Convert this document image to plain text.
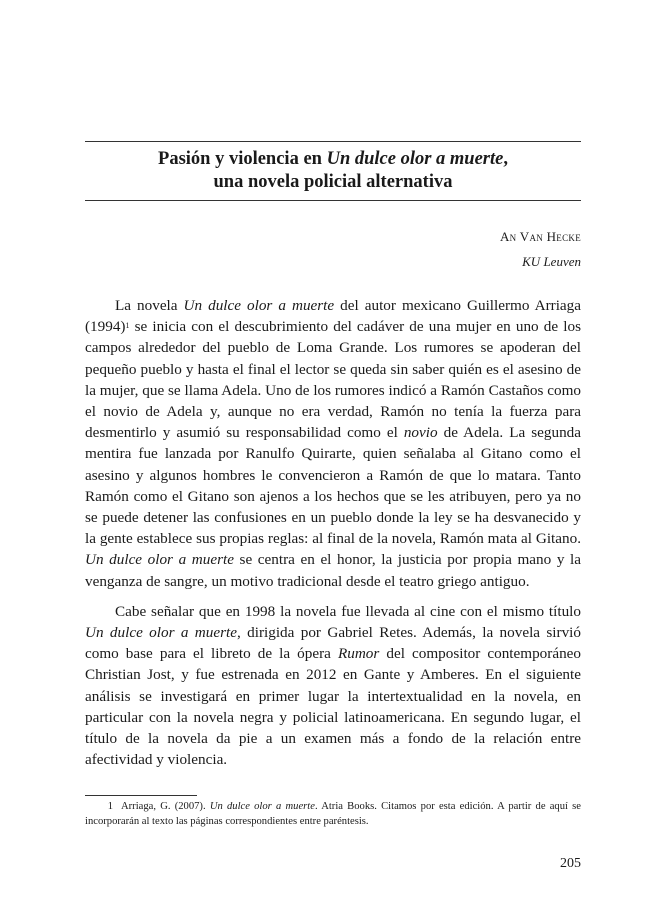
Pasión y violencia en Un dulce olor a muerte,
una novela policial alternativa
An Van Hecke
KU Leuven

La novela Un dulce olor a muerte del autor mexicano Guillermo Arriaga (1994)$^1$ se inicia con el descubrimiento del cadáver de una mujer en uno de los campos alrededor del pueblo de Loma Grande. Los rumores se apoderan del pequeño pueblo y hasta el final el lector se queda sin saber quién es el asesino de la mujer, que se llama Adela. Uno de los rumores indicó a Ramón Castaños como el novio de Adela y, aunque no era verdad, Ramón no tenía la fuerza para desmentirlo y asumió su responsabilidad como el novio de Adela. La segunda mentira fue lanzada por Ranulfo Quirarte, quien señalaba al Gitano como el asesino y algunos hombres le convencieron a Ramón de que lo matara. Tanto Ramón como el Gitano son ajenos a los hechos que se les atribuyen, pero ya no se puede detener las confusiones en un pueblo donde la ley se ha desvanecido y la gente establece sus propias reglas: al final de la novela, Ramón mata al Gitano. Un dulce olor a muerte se centra en el honor, la justicia por propia mano y la venganza de sangre, un motivo tradicional desde el teatro griego antiguo.

Cabe señalar que en 1998 la novela fue llevada al cine con el mismo título Un dulce olor a muerte, dirigida por Gabriel Retes. Además, la novela sirvió como base para el libreto de la ópera Rumor del compositor contemporáneo Christian Jost, y fue estrenada en 2012 en Gante y Amberes. En el siguiente análisis se investigará en primer lugar la intertextualidad en la novela, en particular con la novela negra y policial latinoamericana. En segundo lugar, el título de la novela da pie a un examen más a fondo de la relación entre afectividad y violencia.

1 Arriaga, G. (2007). Un dulce olor a muerte. Atria Books. Citamos por esta edición. A partir de aquí se incorporarán al texto las páginas correspondientes entre paréntesis.
205
